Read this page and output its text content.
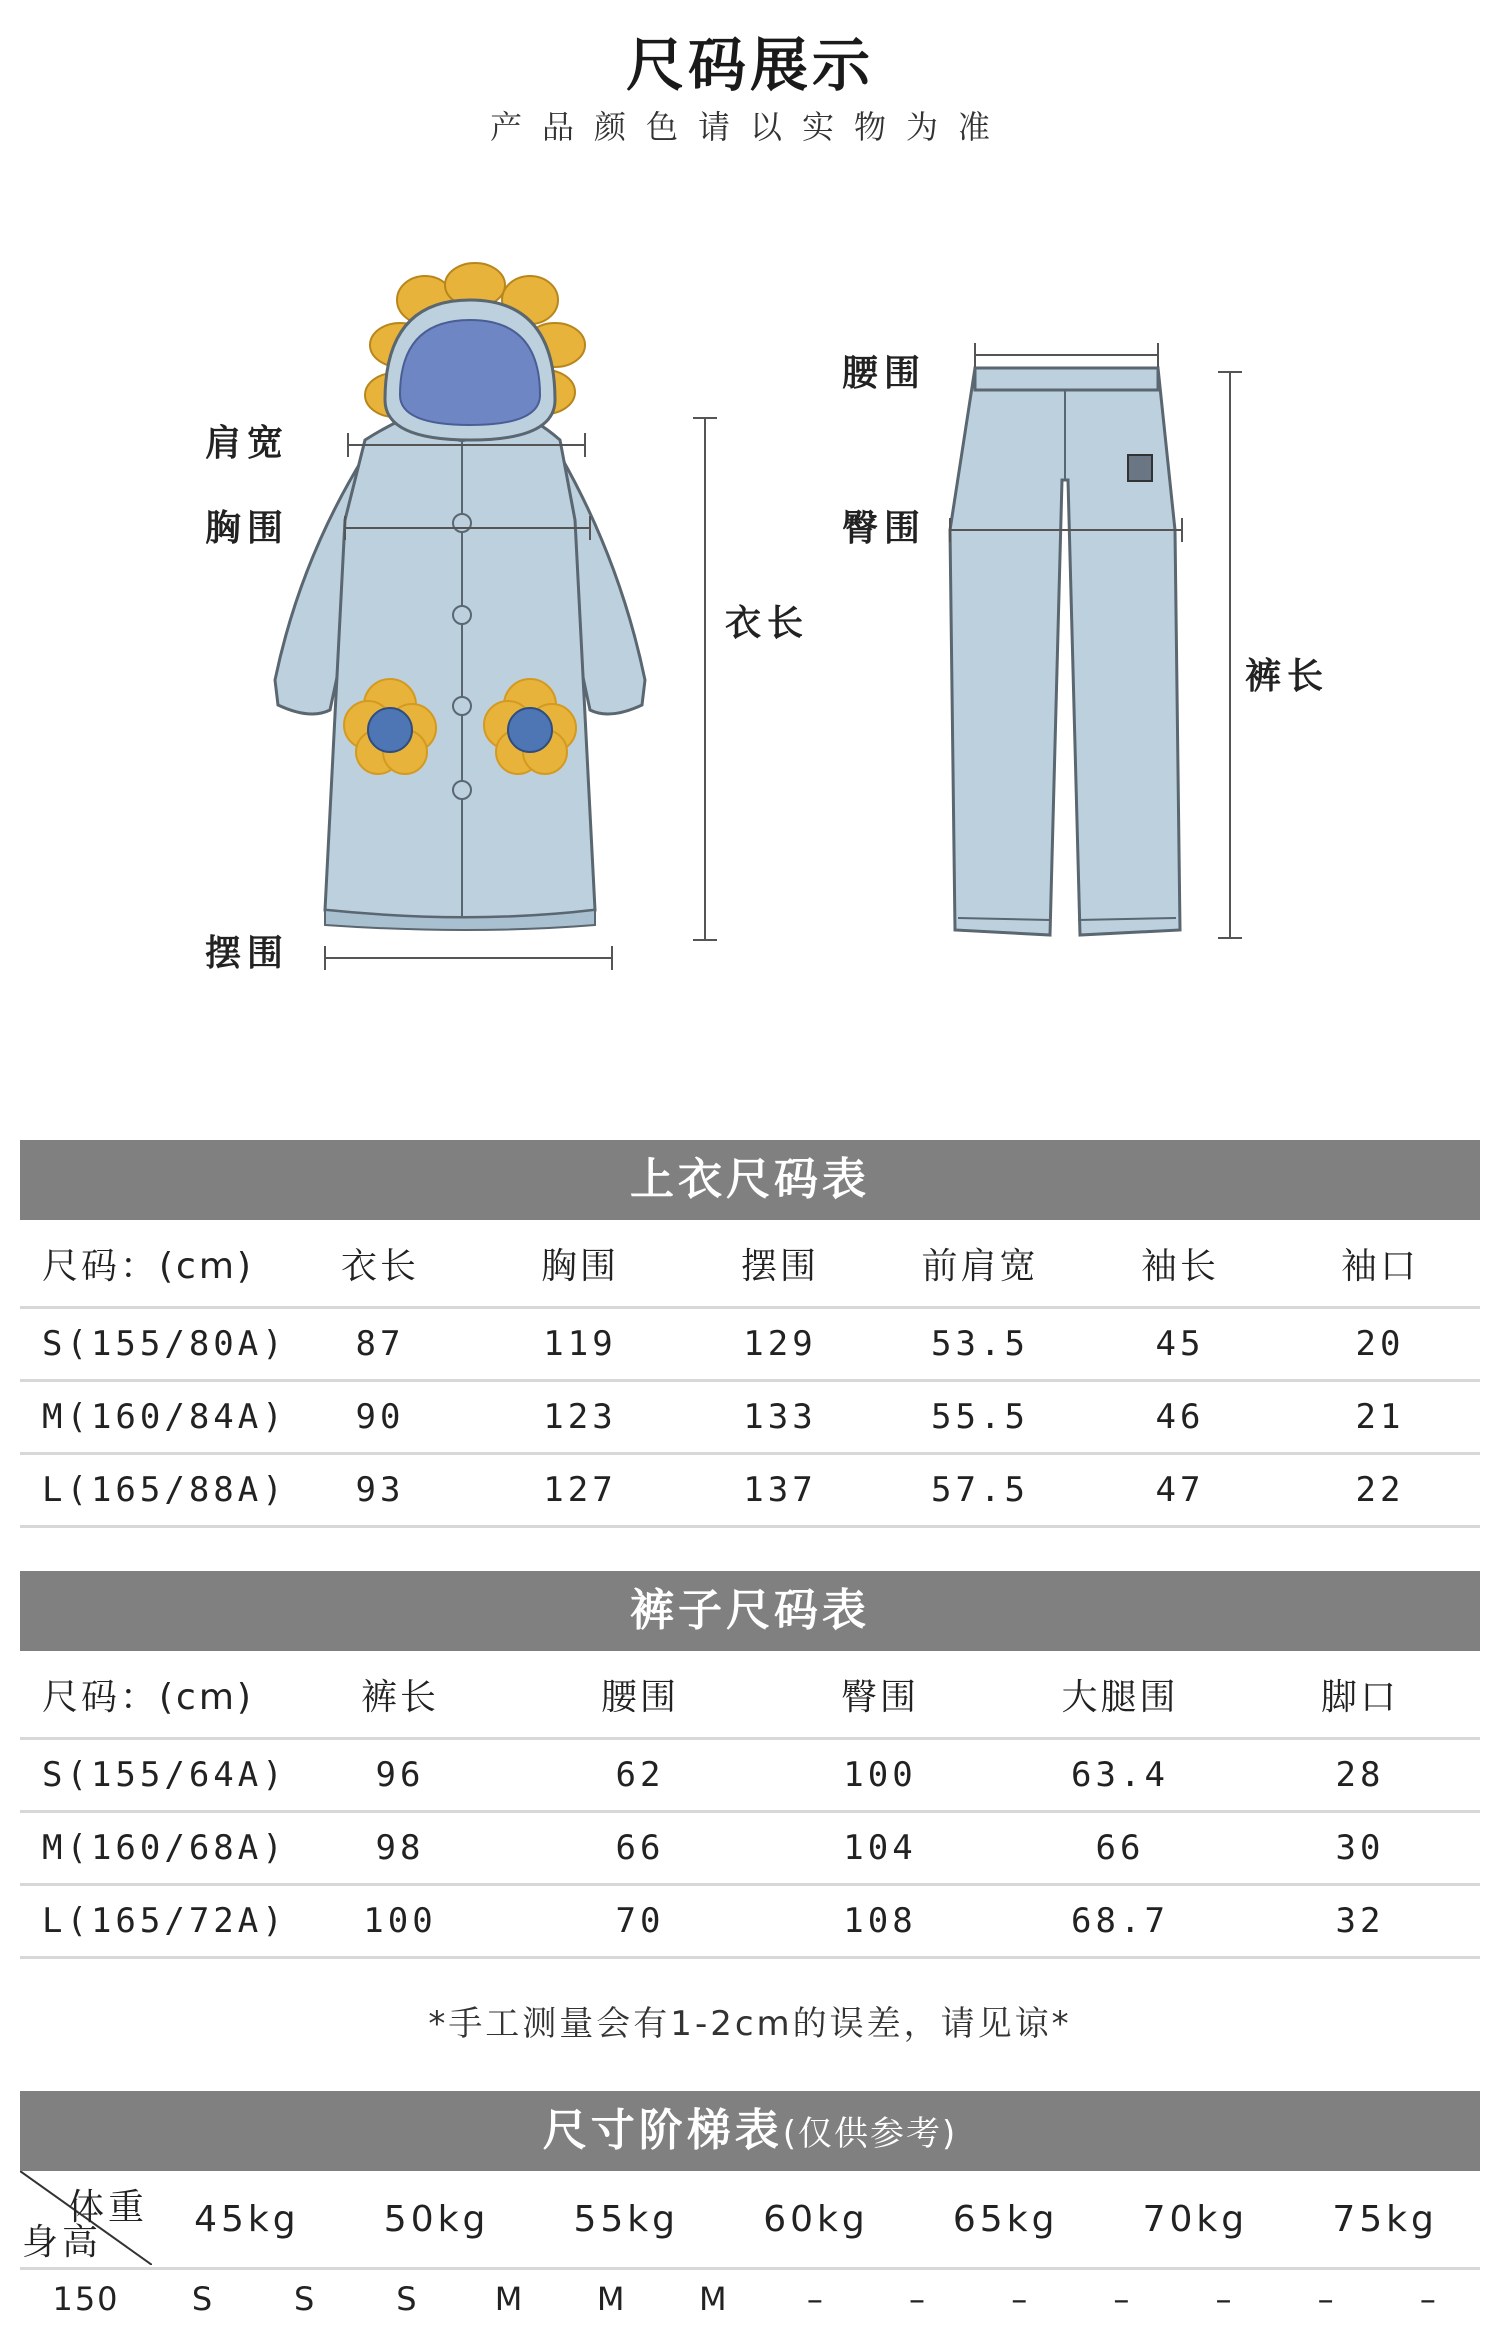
尺码展示
产品颜色请以实物为准
肩宽
胸围
衣长
摆围
腰围
臀围
裤长
上衣尺码表
尺码：(cm)	衣长	胸围	摆围	前肩宽	袖长	袖口
S(155/80A)	87	119	129	53.5	45	20
M(160/84A)	90	123	133	55.5	46	21
L(165/88A)	93	127	137	57.5	47	22
裤子尺码表
尺码：(cm)	裤长	腰围	臀围	大腿围	脚口
S(155/64A)	96	62	100	63.4	28
M(160/68A)	98	66	104	66	30
L(165/72A)	100	70	108	68.7	32
*手工测量会有1-2cm的误差，请见谅*
尺寸阶梯表(仅供参考)
体重
身高
	45kg	50kg	55kg	60kg	65kg	70kg	75kg
150	S	S	S	M	M	M	–	–	–	–	–	–	–
